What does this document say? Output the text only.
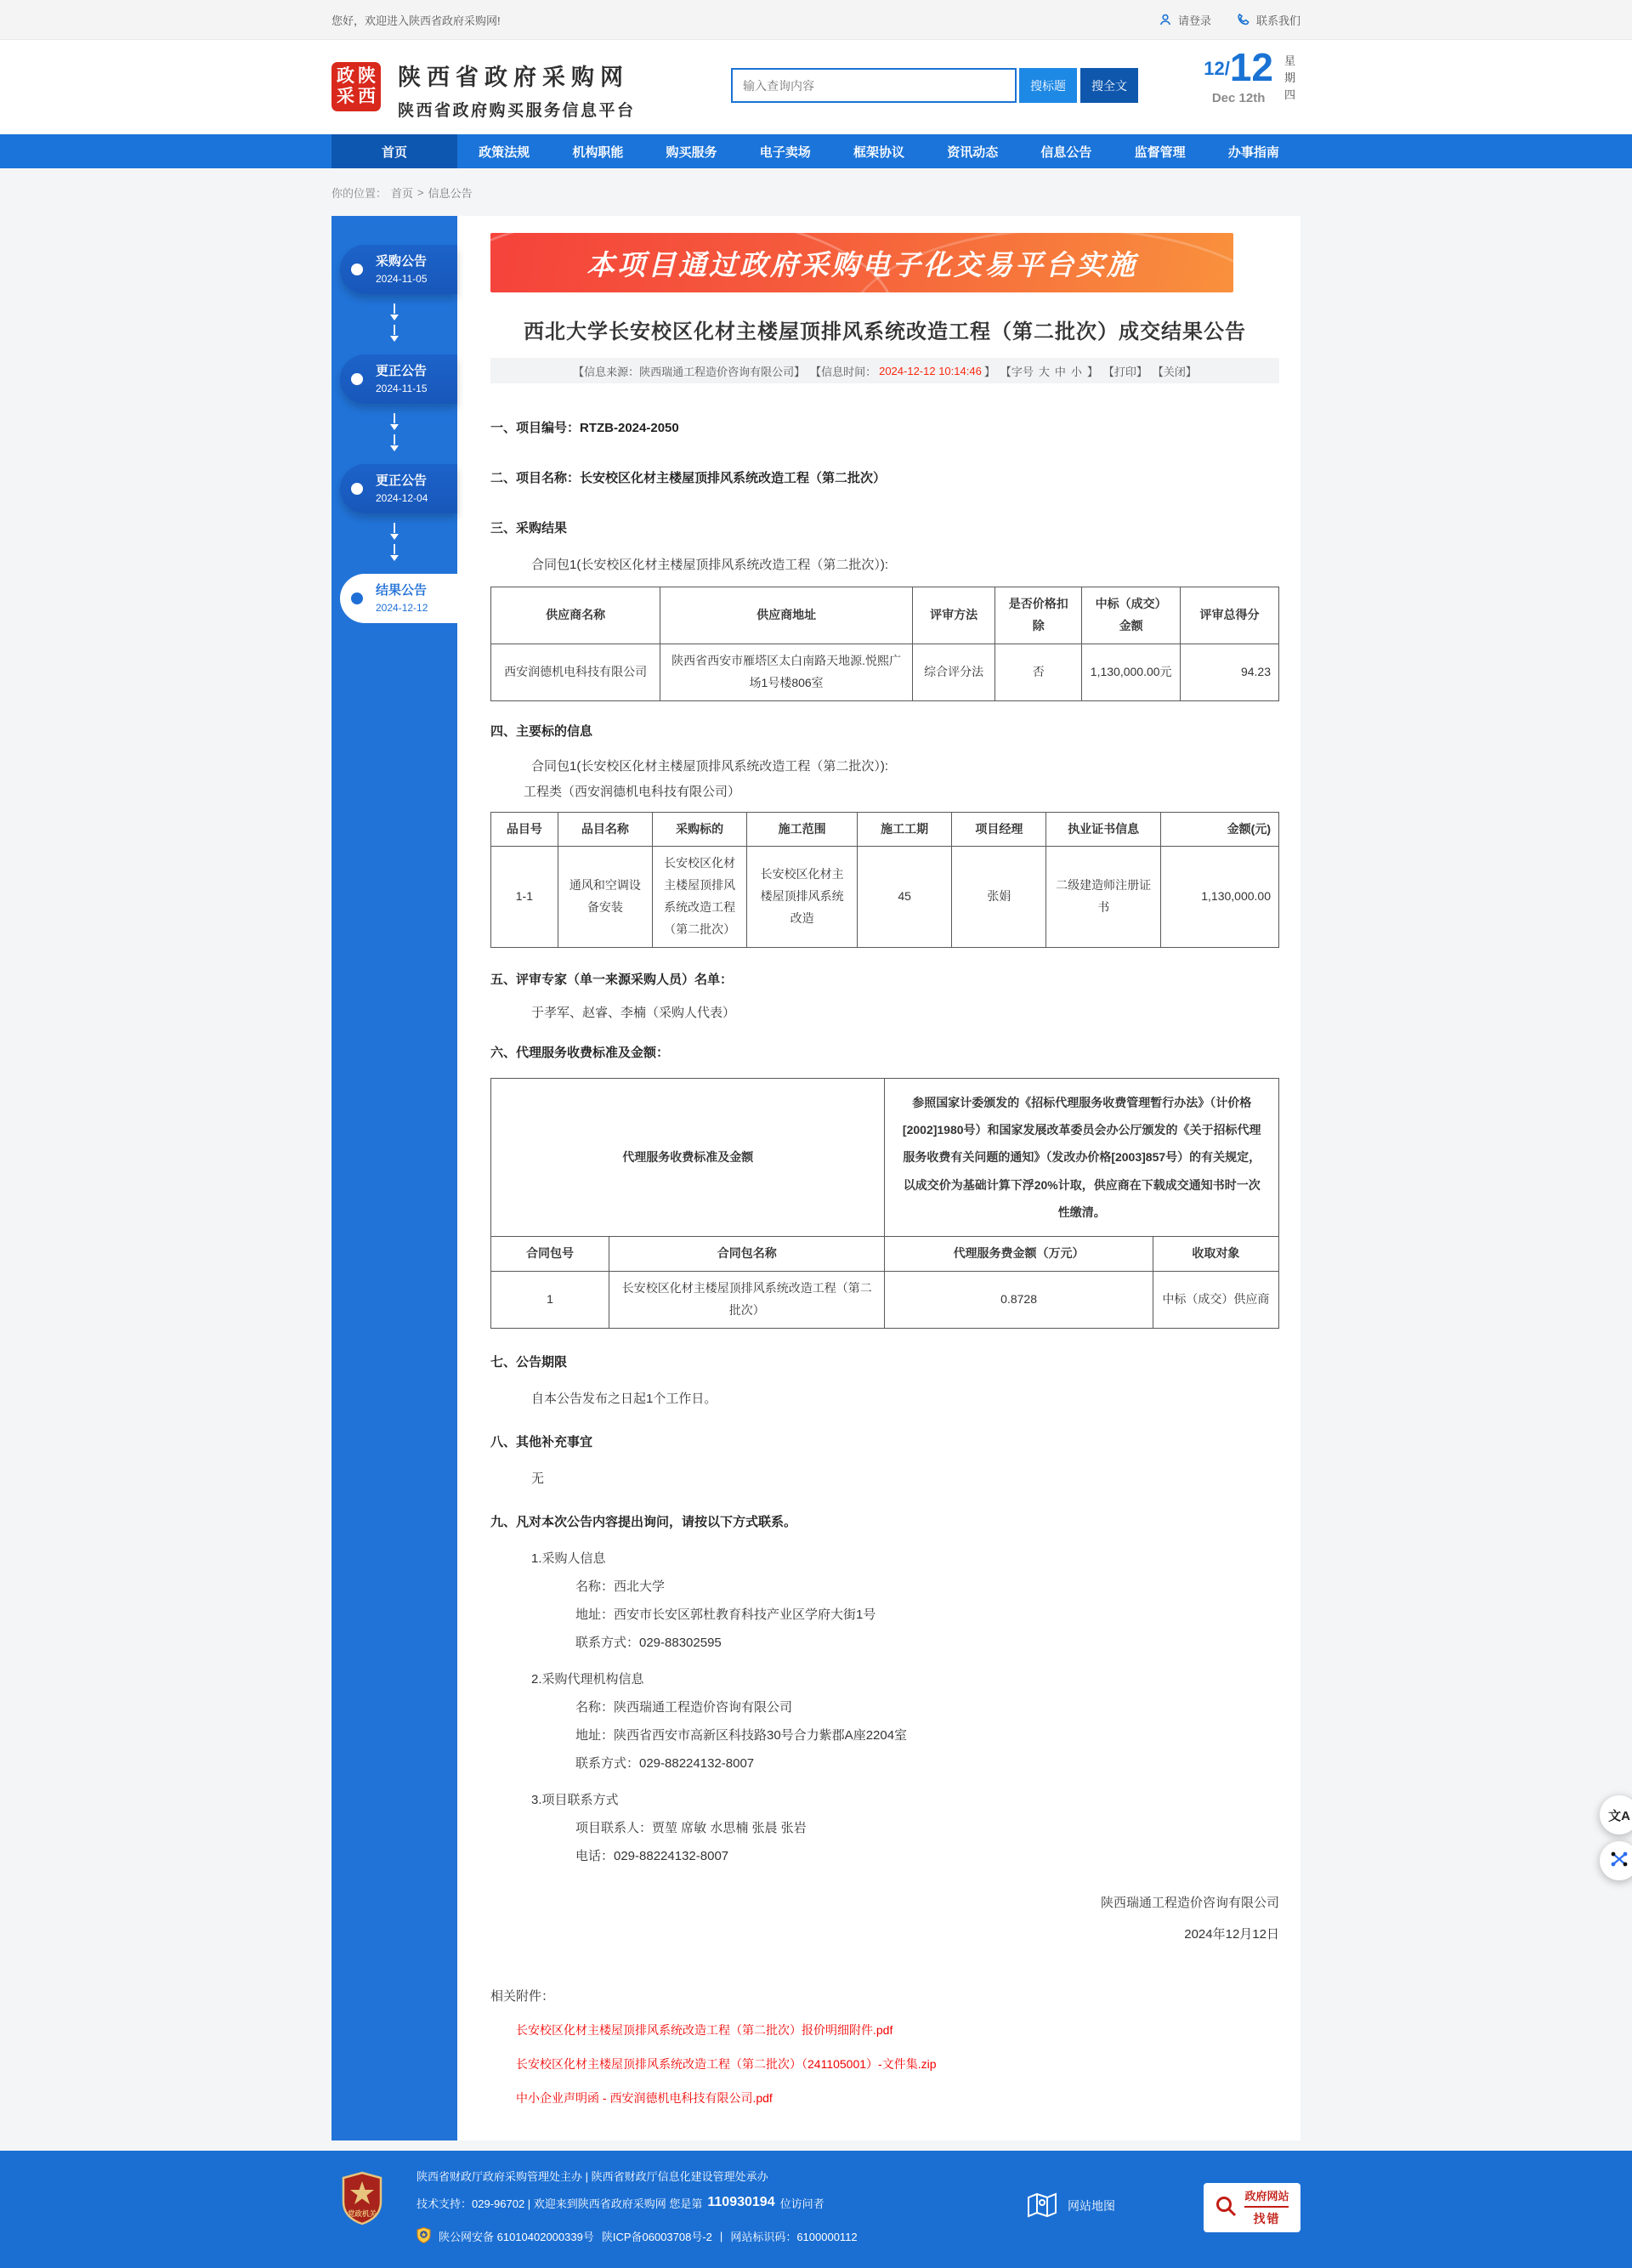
您好，欢迎进入陕西省政府采购网!	请登录	联系我们
政 陕
采 西
陕西省政府采购网
陕西省政府购买服务信息平台
输入查询内容
搜标题	搜全文
12/ 12
Dec 12th
星
期
四
首页	政策法规	机构职能	购买服务	电子卖场	框架协议	资讯动态	信息公告	监督管理	办事指南
你的位置： 首页 > 信息公告
采购公告
2024-11-05
更正公告
2024-11-15
更正公告
2024-12-04
结果公告
2024-12-12
本项目通过政府采购电子化交易平台实施
西北大学长安校区化材主楼屋顶排风系统改造工程（第二批次）成交结果公告
【信息来源：陕西瑞通工程造价咨询有限公司】 【信息时间： 2024-12-12 10:14:46 】 【字号 大 中 小 】 【打印】 【关闭】
一、项目编号：RTZB-2024-2050
二、项目名称：长安校区化材主楼屋顶排风系统改造工程（第二批次）
三、采购结果
合同包1(长安校区化材主楼屋顶排风系统改造工程（第二批次）):
供应商名称	供应商地址	评审方法	是否价格扣除	中标（成交）金额	评审总得分
西安润德机电科技有限公司	陕西省西安市雁塔区太白南路天地源.悦熙广场1号楼806室	综合评分法	否	1,130,000.00元	94.23
四、主要标的信息
合同包1(长安校区化材主楼屋顶排风系统改造工程（第二批次）):
工程类（西安润德机电科技有限公司）
品目号	品目名称	采购标的	施工范围	施工工期	项目经理	执业证书信息	金额(元)
1-1	通风和空调设备安装	长安校区化材主楼屋顶排风系统改造工程（第二批次）	长安校区化材主楼屋顶排风系统改造	45	张娟	二级建造师注册证书	1,130,000.00
五、评审专家（单一来源采购人员）名单：
于孝军、赵睿、李楠（采购人代表）
六、代理服务收费标准及金额：
代理服务收费标准及金额		参照国家计委颁发的《招标代理服务收费管理暂行办法》（计价格[2002]1980号）和国家发展改革委员会办公厅颁发的《关于招标代理服务收费有关问题的通知》（发改办价格[2003]857号）的有关规定，以成交价为基础计算下浮20%计取，供应商在下载成交通知书时一次性缴清。	
合同包号	合同包名称	代理服务费金额（万元）	收取对象
1	长安校区化材主楼屋顶排风系统改造工程（第二批次）	0.8728	中标（成交）供应商
七、公告期限
自本公告发布之日起1个工作日。
八、其他补充事宜
无
九、凡对本次公告内容提出询问，请按以下方式联系。
1.采购人信息
名称：西北大学
地址：西安市长安区郭杜教育科技产业区学府大街1号
联系方式：029-88302595
2.采购代理机构信息
名称：陕西瑞通工程造价咨询有限公司
地址：陕西省西安市高新区科技路30号合力紫郡A座2204室
联系方式：029-88224132-8007
3.项目联系方式
项目联系人：贾堃 席敏 水思楠 张晨 张岩
电话：029-88224132-8007
陕西瑞通工程造价咨询有限公司
2024年12月12日
相关附件：
长安校区化材主楼屋顶排风系统改造工程（第二批次）报价明细附件.pdf
长安校区化材主楼屋顶排风系统改造工程（第二批次）（241105001）-文件集.zip
中小企业声明函 - 西安润德机电科技有限公司.pdf
党政机关
陕西省财政厅政府采购管理处主办 | 陕西省财政厅信息化建设管理处承办
技术支持：029-96702 | 欢迎来到陕西省政府采购网 您是第 110930194 位访问者
陕公网安备 61010402000339号 陕ICP备06003708号-2 | 网站标识码：6100000112
网站地图
政府网站
找错
文A
